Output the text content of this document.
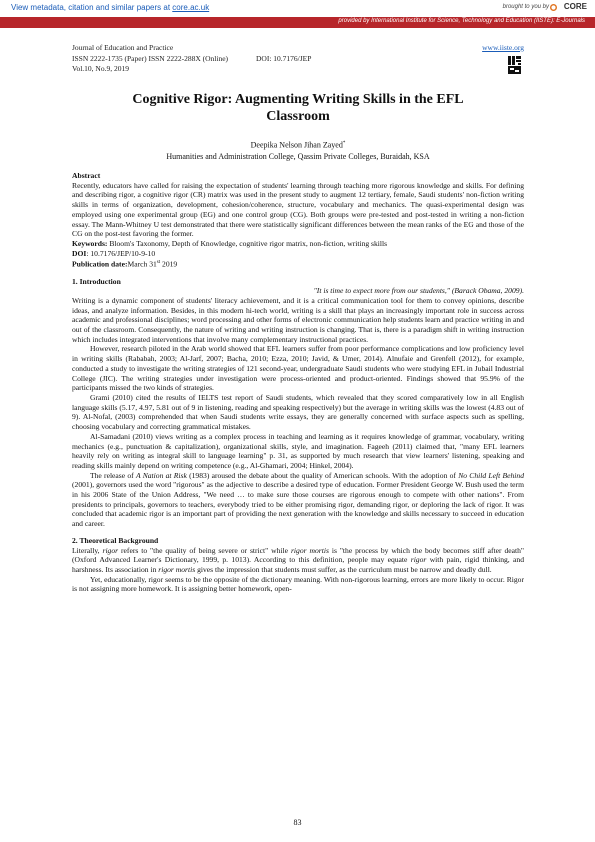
View metadata, citation and similar papers at core.ac.uk	brought to you by CORE
provided by International Institute for Science, Technology and Education (IISTE): E-Journals
Journal of Education and Practice
ISSN 2222-1735 (Paper) ISSN 2222-288X (Online)
Vol.10, No.9, 2019
DOI: 10.7176/JEP
www.iiste.org
Cognitive Rigor: Augmenting Writing Skills in the EFL
Classroom
Deepika Nelson Jihan Zayed*
Humanities and Administration College, Qassim Private Colleges, Buraidah, KSA

Abstract

Recently, educators have called for raising the expectation of students' learning through teaching more rigorous knowledge and skills. For defining and describing rigor, a cognitive rigor (CR) matrix was used in the present study to augment 12 tertiary, female, Saudi students' non-fiction writing skills in terms of organization, development, cohesion/coherence, structure, vocabulary and mechanics. The quasi-experimental design was employed using one experimental group (EG) and one control group (CG). Both groups were pre-tested and post-tested in writing a non-fiction essay. The Mann-Whitney U test demonstrated that there were statistically significant differences between the mean ranks of the EG and those of the CG on the post-test favoring the former.

Keywords: Bloom's Taxonomy, Depth of Knowledge, cognitive rigor matrix, non-fiction, writing skills

DOI: 10.7176/JEP/10-9-10

Publication date:March 31st 2019

1. Introduction

"It is time to expect more from our students," (Barack Obama, 2009).

Writing is a dynamic component of students' literacy achievement, and it is a critical communication tool for them to convey opinions, describe ideas, and analyze information. Besides, in this modern hi-tech world, writing is a skill that plays an increasingly important role in success across academic and professional disciplines; word processing and other forms of electronic communication help students learn and practice writing in and out of the classroom. Consequently, the nature of writing and writing instruction is changing. That is, there is a paradigm shift in writing instruction which includes integrated interventions that involve many complementary instructional practices.

However, research piloted in the Arab world showed that EFL learners suffer from poor performance complications and low proficiency level in writing skills (Rababah, 2003; Al-Jarf, 2007; Bacha, 2010; Ezza, 2010; Javid, & Umer, 2014). Alnufaie and Grenfell (2012), for example, conducted a study to investigate the writing strategies of 121 second-year, undergraduate Saudi students who were studying EFL in Jubail Industrial College (JIC). The writing strategies under investigation were process-oriented and product-oriented. Findings showed that 95.9% of the participants missed the two kinds of strategies.

Grami (2010) cited the results of IELTS test report of Saudi students, which revealed that they scored comparatively low in all English language skills (5.17, 4.97, 5.81 out of 9 in listening, reading and speaking respectively) but the average in writing skills was the lowest (4.83 out of 9). Al-Nofal, (2003) comprehended that when Saudi students write essays, they are generally concerned with surface aspects such as spelling, choosing vocabulary and correcting grammatical mistakes.

Al-Samadani (2010) views writing as a complex process in teaching and learning as it requires knowledge of grammar, vocabulary, writing mechanics (e.g., punctuation & capitalization), organizational skills, style, and imagination. Fageeh (2011) claimed that, "many EFL learners heavily rely on writing as integral skill to language learning" p. 31, as supported by much research that view learners' listening, speaking and reading skills mainly depend on writing competence (e.g., Al-Ghamari, 2004; Hinkel, 2004).

The release of A Nation at Risk (1983) aroused the debate about the quality of American schools. With the adoption of No Child Left Behind (2001), governors used the word "rigorous" as the adjective to describe a desired type of education. Former President George W. Bush used the term in his 2006 State of the Union Address, "We need … to make sure those courses are rigorous enough to compete with other nations". From presidents to principals, governors to teachers, everybody tried to be either promising rigor, demanding rigor, or deploring the lack of rigor. It was concluded that academic rigor is an important part of providing the next generation with the knowledge and skills necessary to succeed in education and career.

2. Theoretical Background

Literally, rigor refers to "the quality of being severe or strict" while rigor mortis is "the process by which the body becomes stiff after death" (Oxford Advanced Learner's Dictionary, 1999, p. 1013). According to this definition, people may equate rigor with pain, rigid thinking, and harshness. Its association in rigor mortis gives the impression that students must suffer, as the curriculum must be narrow and deadly dull.

Yet, educationally, rigor seems to be the opposite of the dictionary meaning. With non-rigorous learning, errors are more likely to occur. Rigor is not assigning more homework. It is assigning better homework, open-

83
